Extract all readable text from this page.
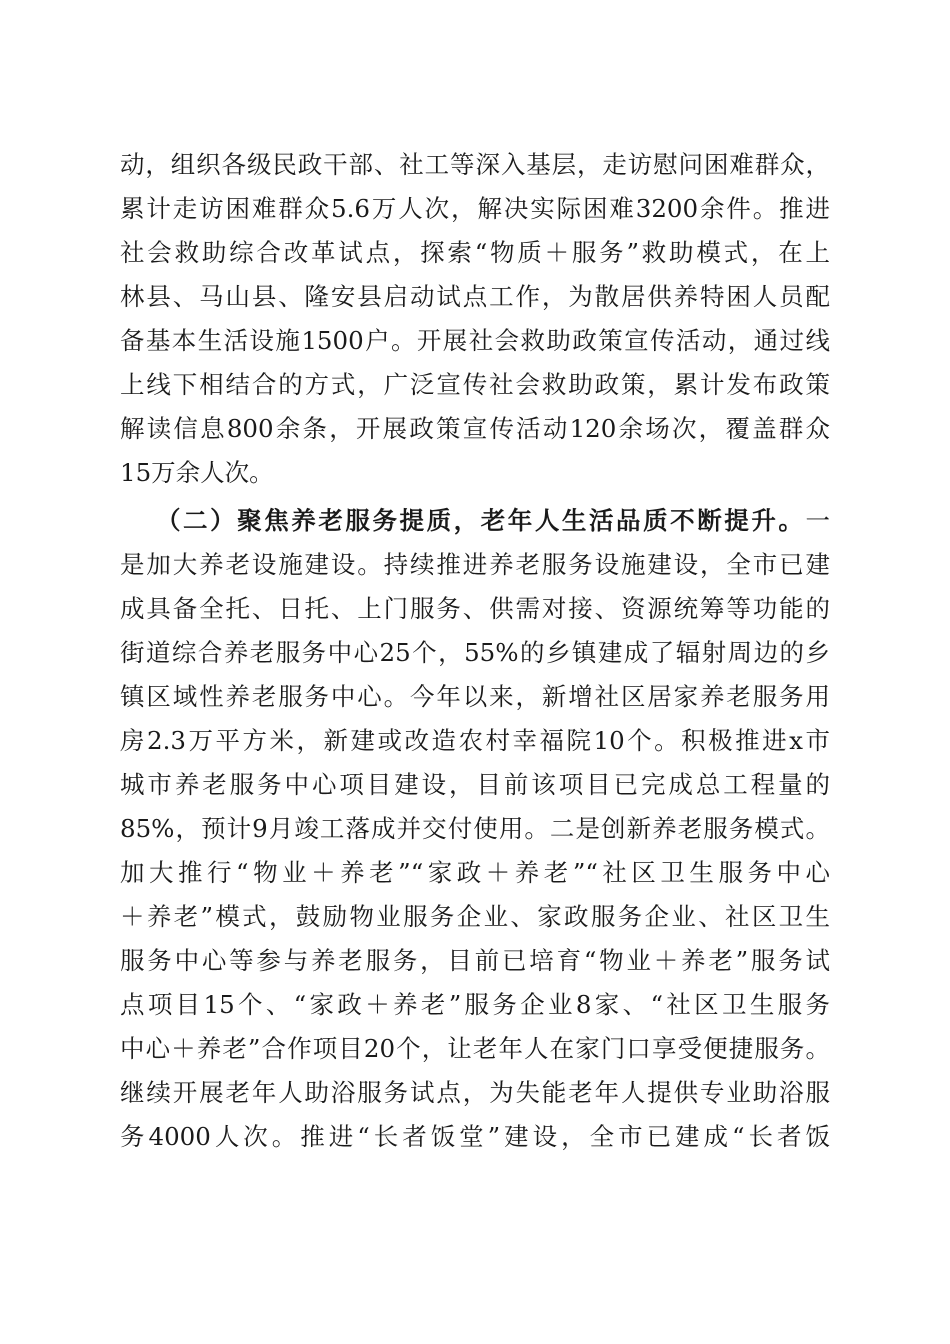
动，组织各级民政干部、社工等深入基层，走访慰问困难群众，
累计走访困难群众5.6万人次，解决实际困难3200余件。推进
社会救助综合改革试点，探索“物质＋服务”救助模式，在上
林县、马山县、隆安县启动试点工作，为散居供养特困人员配
备基本生活设施1500户。开展社会救助政策宣传活动，通过线
上线下相结合的方式，广泛宣传社会救助政策，累计发布政策
解读信息800余条，开展政策宣传活动120余场次，覆盖群众
15万余人次。
（二）聚焦养老服务提质，老年人生活品质不断提升。一
是加大养老设施建设。持续推进养老服务设施建设，全市已建
成具备全托、日托、上门服务、供需对接、资源统筹等功能的
街道综合养老服务中心25个，55%的乡镇建成了辐射周边的乡
镇区域性养老服务中心。今年以来，新增社区居家养老服务用
房2.3万平方米，新建或改造农村幸福院10个。积极推进x市
城市养老服务中心项目建设，目前该项目已完成总工程量的
85%，预计9月竣工落成并交付使用。二是创新养老服务模式。
加大推行“物业＋养老”“家政＋养老”“社区卫生服务中心
＋养老”模式，鼓励物业服务企业、家政服务企业、社区卫生
服务中心等参与养老服务，目前已培育“物业＋养老”服务试
点项目15个、“家政＋养老”服务企业8家、“社区卫生服务
中心＋养老”合作项目20个，让老年人在家门口享受便捷服务。
继续开展老年人助浴服务试点，为失能老年人提供专业助浴服
务4000人次。推进“长者饭堂”建设，全市已建成“长者饭
